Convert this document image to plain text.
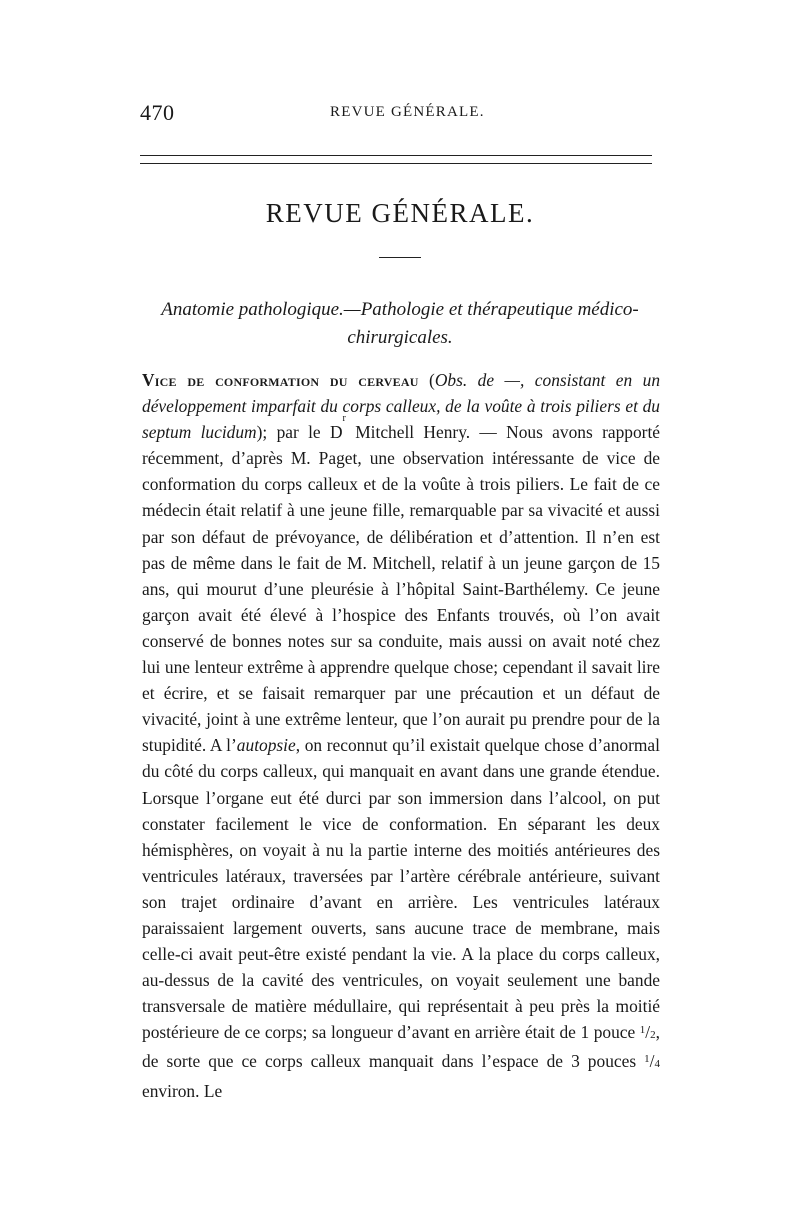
470	REVUE GÉNÉRALE.
REVUE GÉNÉRALE.
Anatomie pathologique.—Pathologie et thérapeutique médico-chirurgicales.
Vice de conformation du cerveau (Obs. de —, consistant en un développement imparfait du corps calleux, de la voûte à trois piliers et du septum lucidum); par le $D^r$ Mitchell Henry. — Nous avons rapporté récemment, d’après M. Paget, une observation intéressante de vice de conformation du corps calleux et de la voûte à trois piliers. Le fait de ce médecin était relatif à une jeune fille, remarquable par sa vivacité et aussi par son défaut de prévoyance, de délibération et d’attention. Il n’en est pas de même dans le fait de M. Mitchell, relatif à un jeune garçon de 15 ans, qui mourut d’une pleurésie à l’hôpital Saint-Barthélemy. Ce jeune garçon avait été élevé à l’hospice des Enfants trouvés, où l’on avait conservé de bonnes notes sur sa conduite, mais aussi on avait noté chez lui une lenteur extrême à apprendre quelque chose; cependant il savait lire et écrire, et se faisait remarquer par une précaution et un défaut de vivacité, joint à une extrême lenteur, que l’on aurait pu prendre pour de la stupidité. A l’autopsie, on reconnut qu’il existait quelque chose d’anormal du côté du corps calleux, qui manquait en avant dans une grande étendue. Lorsque l’organe eut été durci par son immersion dans l’alcool, on put constater facilement le vice de conformation. En séparant les deux hémisphères, on voyait à nu la partie interne des moitiés antérieures des ventricules latéraux, traversées par l’artère cérébrale antérieure, suivant son trajet ordinaire d’avant en arrière. Les ventricules latéraux paraissaient largement ouverts, sans aucune trace de membrane, mais celle-ci avait peut-être existé pendant la vie. A la place du corps calleux, au-dessus de la cavité des ventricules, on voyait seulement une bande transversale de matière médullaire, qui représentait à peu près la moitié postérieure de ce corps; sa longueur d’avant en arrière était de 1 pouce $^1$/2, de sorte que ce corps calleux manquait dans l’espace de 3 pouces $^1$/4 environ. Le
